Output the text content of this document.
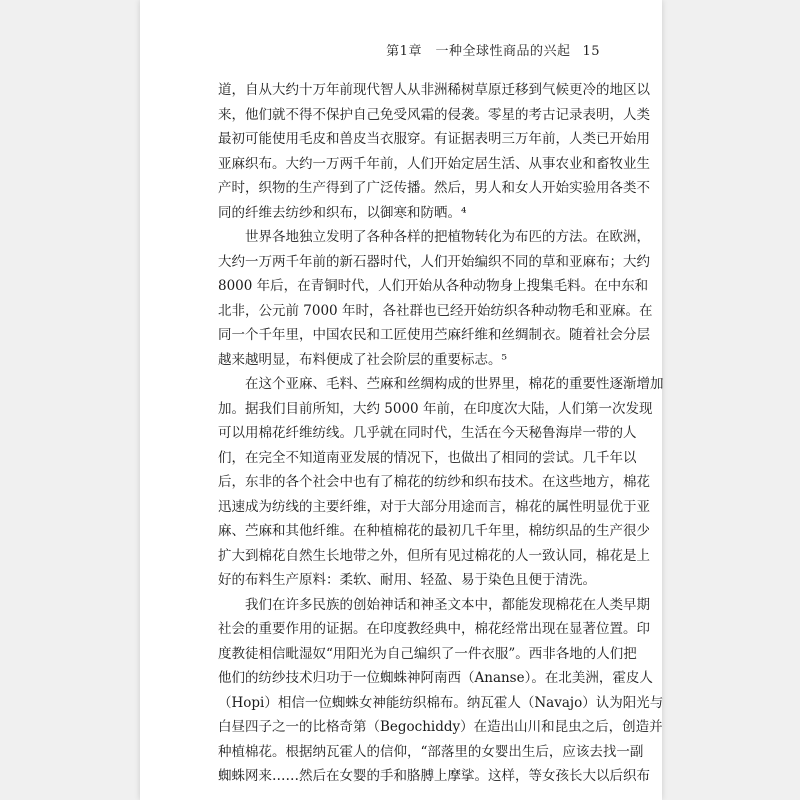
第1章　一种全球性商品的兴起 15
道，自从大约十万年前现代智人从非洲稀树草原迁移到气候更冷的地区以
来，他们就不得不保护自己免受风霜的侵袭。零星的考古记录表明，人类
最初可能使用毛皮和兽皮当衣服穿。有证据表明三万年前，人类已开始用
亚麻织布。大约一万两千年前，人们开始定居生活、从事农业和畜牧业生
产时，织物的生产得到了广泛传播。然后，男人和女人开始实验用各类不
同的纤维去纺纱和织布，以御寒和防晒。⁴
世界各地独立发明了各种各样的把植物转化为布匹的方法。在欧洲，
大约一万两千年前的新石器时代，人们开始编织不同的草和亚麻布；大约
8000 年后，在青铜时代，人们开始从各种动物身上搜集毛料。在中东和
北非，公元前 7000 年时，各社群也已经开始纺织各种动物毛和亚麻。在
同一个千年里，中国农民和工匠使用苎麻纤维和丝绸制衣。随着社会分层
越来越明显，布料便成了社会阶层的重要标志。⁵
在这个亚麻、毛料、苎麻和丝绸构成的世界里，棉花的重要性逐渐增加
加。据我们目前所知，大约 5000 年前，在印度次大陆，人们第一次发现
可以用棉花纤维纺线。几乎就在同时代，生活在今天秘鲁海岸一带的人
们，在完全不知道南亚发展的情况下，也做出了相同的尝试。几千年以
后，东非的各个社会中也有了棉花的纺纱和织布技术。在这些地方，棉花
迅速成为纺线的主要纤维，对于大部分用途而言，棉花的属性明显优于亚
麻、苎麻和其他纤维。在种植棉花的最初几千年里，棉纺织品的生产很少
扩大到棉花自然生长地带之外，但所有见过棉花的人一致认同，棉花是上
好的布料生产原料：柔软、耐用、轻盈、易于染色且便于清洗。
我们在许多民族的创始神话和神圣文本中，都能发现棉花在人类早期
社会的重要作用的证据。在印度教经典中，棉花经常出现在显著位置。印
度教徒相信毗湿奴“用阳光为自己编织了一件衣服”。西非各地的人们把
他们的纺纱技术归功于一位蜘蛛神阿南西（Ananse）。在北美洲，霍皮人
（Hopi）相信一位蜘蛛女神能纺织棉布。纳瓦霍人（Navajo）认为阳光与
白昼四子之一的比格奇第（Begochiddy）在造出山川和昆虫之后，创造并
种植棉花。根据纳瓦霍人的信仰，“部落里的女婴出生后，应该去找一副
蜘蛛网来……然后在女婴的手和胳膊上摩挲。这样，等女孩长大以后织布
